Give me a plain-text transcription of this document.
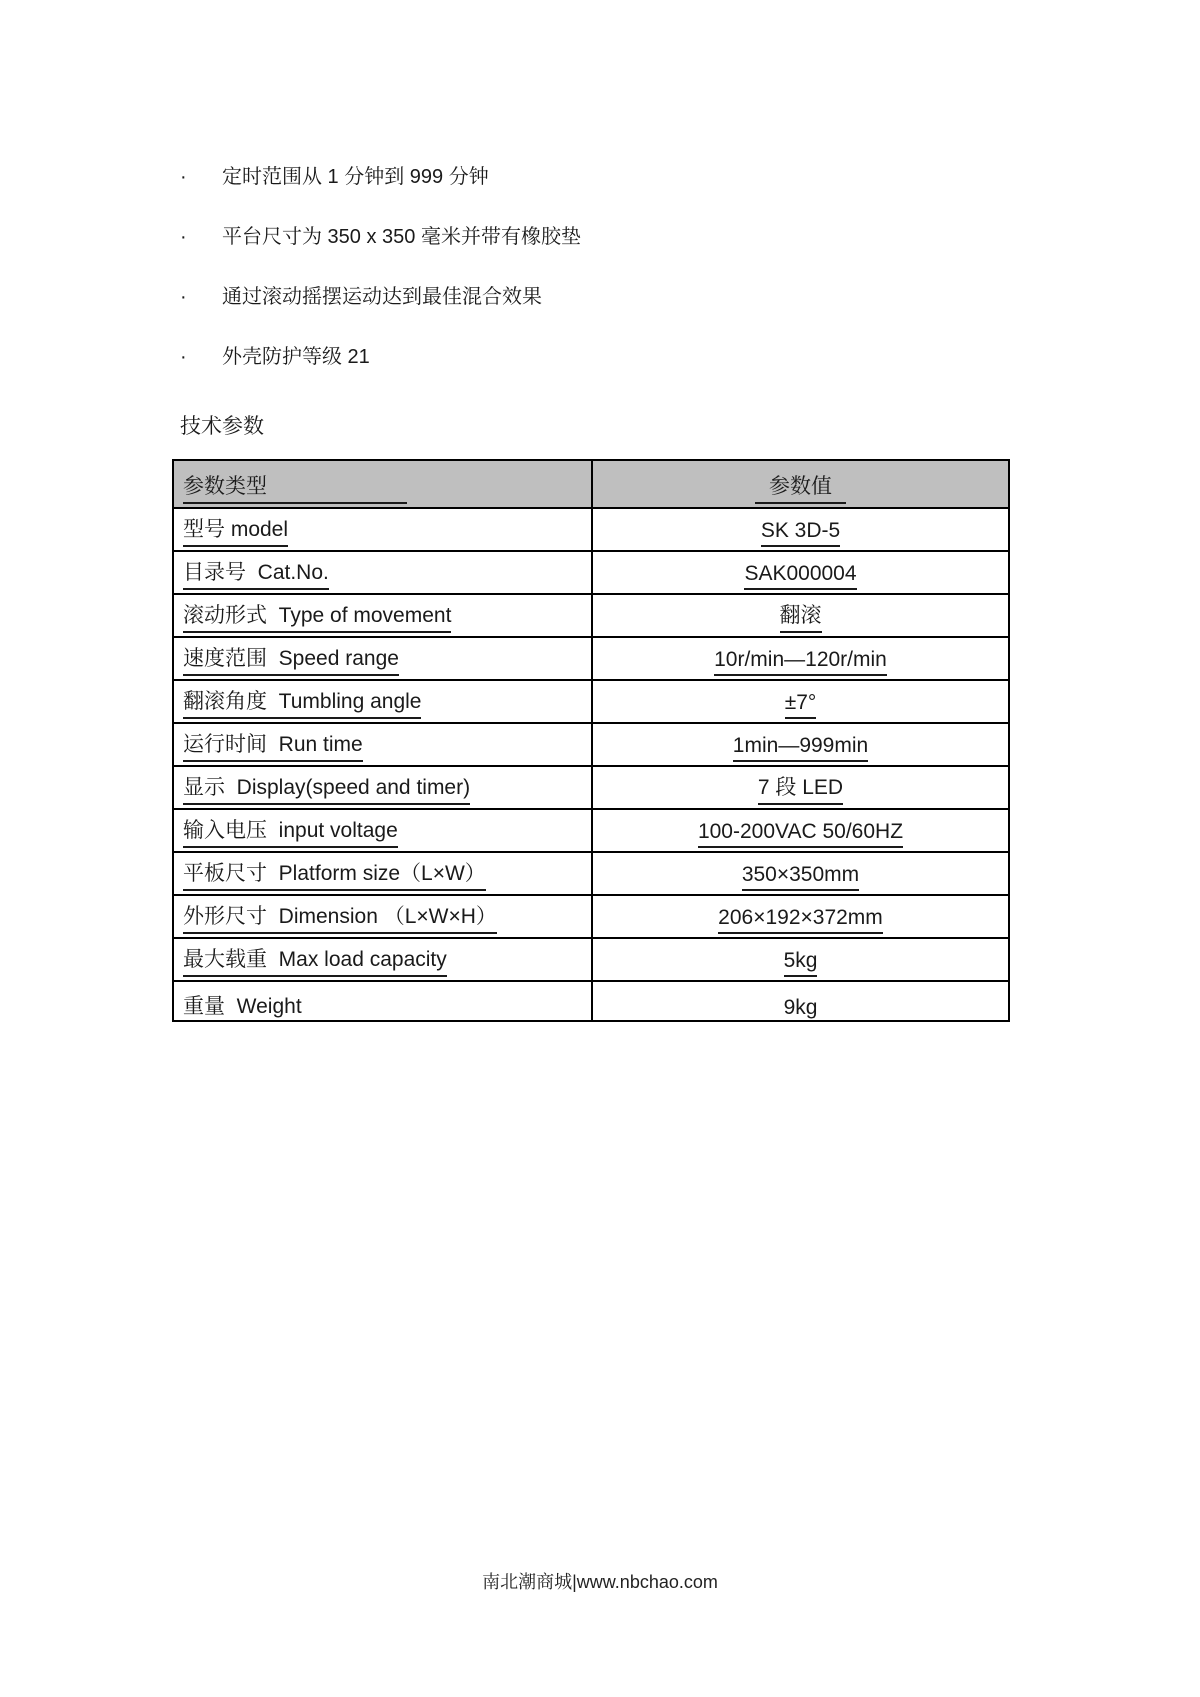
·	定时范围从 1 分钟到 999 分钟
·	平台尺寸为 350 x 350 毫米并带有橡胶垫
·	通过滚动摇摆运动达到最佳混合效果
·	外壳防护等级 21
技术参数
参数类型	参数值
型号 model	SK 3D-5
目录号  Cat.No.	SAK000004
滚动形式  Type of movement	翻滚
速度范围  Speed range	10r/min—120r/min
翻滚角度  Tumbling angle	±7°
运行时间  Run time	1min—999min
显示  Display(speed and timer)	7 段 LED
输入电压  input voltage	100-200VAC 50/60HZ
平板尺寸  Platform size（L×W）	350×350mm
外形尺寸  Dimension （L×W×H）	206×192×372mm
最大载重  Max load capacity	5kg
重量  Weight	9kg
南北潮商城|www.nbchao.com
